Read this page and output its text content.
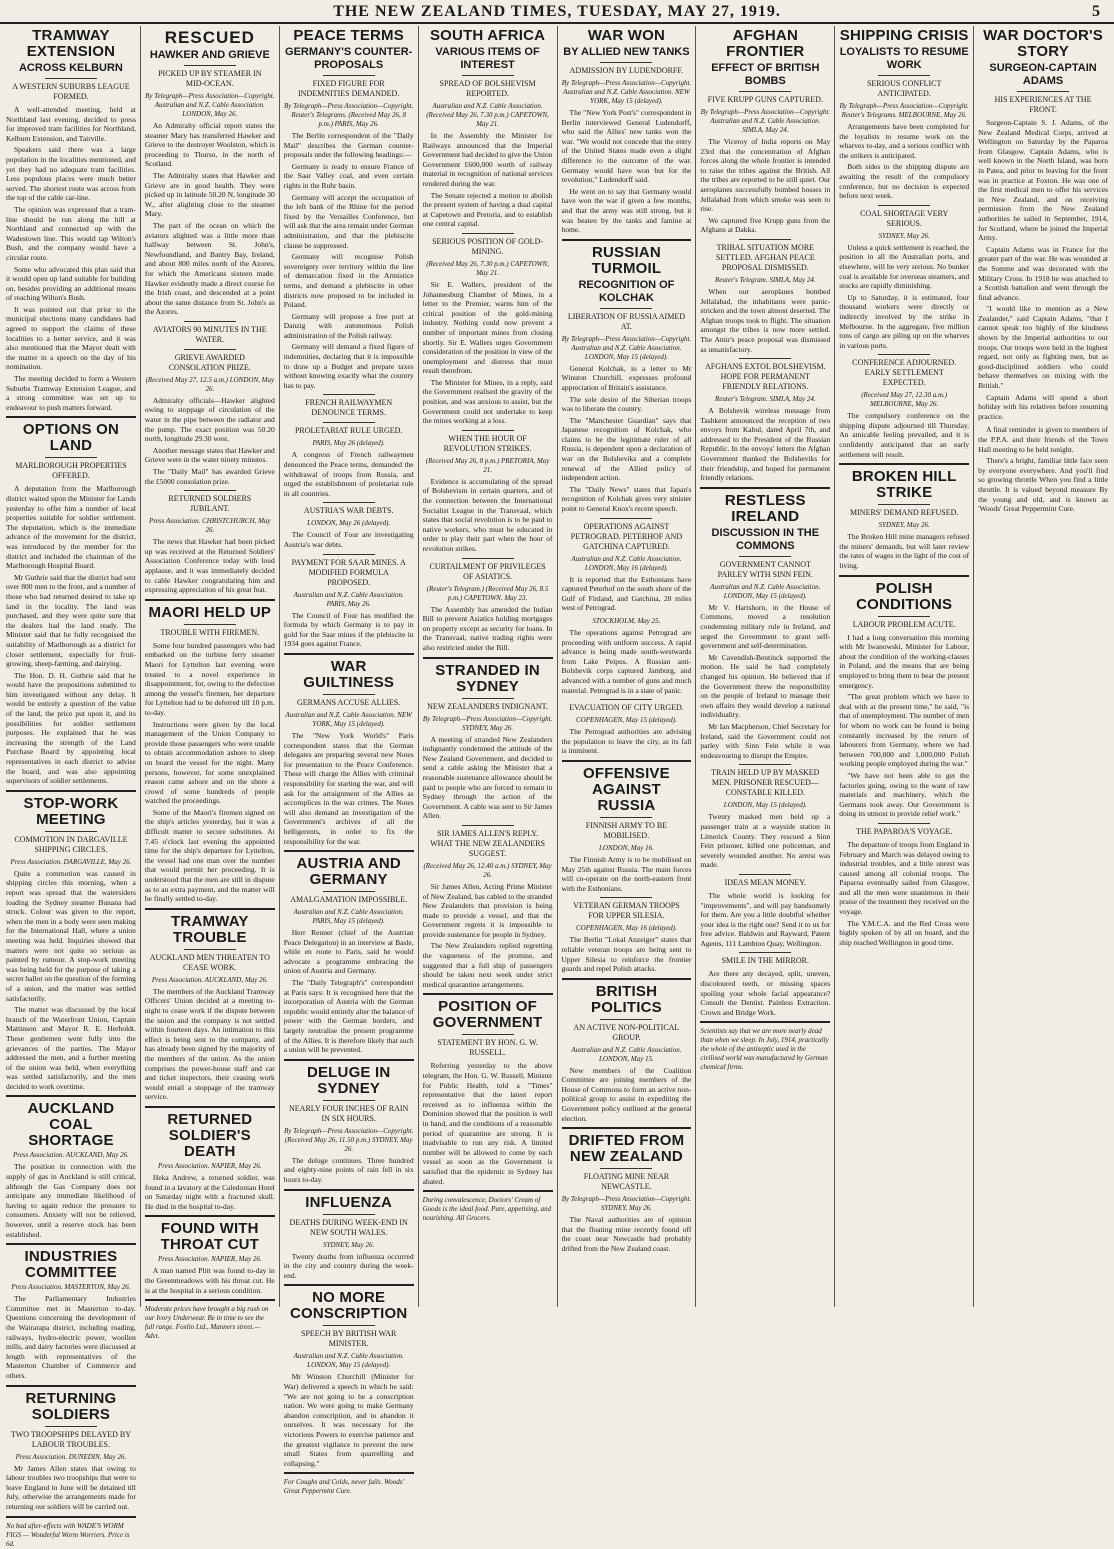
THE NEW ZEALAND TIMES, TUESDAY, MAY 27, 1919.	5
TRAMWAY EXTENSION
ACROSS KELBURN
A WESTERN SUBURBS LEAGUE FORMED.

A well-attended meeting, held at Northland last evening, decided to press for improved tram facilities for Northland, Kelburn Extension, and Tairville.

Speakers said there was a large population in the localities mentioned, and yet they had no adequate tram facilities. Less populous places were much better served. The shortest route was across from the top of the cable car-line.

The opinion was expressed that a tram-line should be run along the hill at Northland and connected up with the Wadestown line. This would tap Wilton's Bush, and the company would have a circular route.

Some who advocated this plan said that it would open up land suitable for building on, besides providing an additional means of reaching Wilton's Bush.

It was pointed out that prior to the municipal elections many candidates had agreed to support the claims of these localities to a better service, and it was also mentioned that the Mayor dealt with the matter in a speech on the day of his nomination.

The meeting decided to form a Western Suburbs Tramway Extension League, and a strong committee was set up to endeavour to push matters forward.

OPTIONS ON LAND
MARLBOROUGH PROPERTIES OFFERED.

A deputation from the Marlborough district waited upon the Minister for Lands yesterday to offer him a number of local properties suitable for soldier settlement. The deputation, which is the immediate advance of the movement for the district, was introduced by the member for the district and included the chairman of the Marlborough Hospital Board.

Mr Guthrie said that the district had sent over 800 men to the front, and a number of those who had returned desired to take up land in the locality. The land was purchased, and they were quite sure that the dealers had the land ready. The Minister said that he fully recognised the suitability of Marlborough as a district for closer settlement, especially for fruit-growing, sheep-farming, and dairying.

The Hon. D. H. Guthrie said that he would have the propositions submitted to him investigated without any delay. It would be entirely a question of the value of the land, the price put upon it, and its possibilities for soldier settlement purposes. He explained that he was increasing the strength of the Land Purchase Board by appointing local representatives in each district to advise the board, and was also appointing supervisors of soldier settlements.

STOP-WORK MEETING
COMMOTION IN DARGAVILLE SHIPPING CIRCLES.
Press Association. DARGAVILLE, May 26.

Quite a commotion was caused in shipping circles this morning, when a report was spread that the watersiders loading the Sydney steamer Bunana had struck. Colour was given to the report, when the men in a body were seen making for the International Hall, where a union meeting was held. Inquiries showed that matters were not quite so serious as painted by rumour. A stop-work meeting was being held for the purpose of taking a secret ballot on the question of the forming of a union, and the matter was settled satisfactorily.

The matter was discussed by the local branch of the Waterfront Union, Captain Mattinson and Mayor R. E. Herholdt. These gentlemen went fully into the grievances of the parties. The Mayor addressed the men, and a further meeting of the union was held, when everything was settled satisfactorily, and the men decided to work overtime.

AUCKLAND COAL SHORTAGE
Press Association. AUCKLAND, May 26.

The position in connection with the supply of gas in Auckland is still critical, although the Gas Company does not anticipate any immediate likelihood of having to again reduce the pressure to consumers. Anxiety will not be relieved, however, until a reserve stock has been established.

INDUSTRIES COMMITTEE
Press Association. MASTERTON, May 26.

The Parliamentary Industries Committee met in Masterton to-day. Questions concerning the development of the Wairarapa district, including roading, railways, hydro-electric power, woollen mills, and dairy factories were discussed at length with representatives of the Masterton Chamber of Commerce and others.

RETURNING SOLDIERS
TWO TROOPSHIPS DELAYED BY LABOUR TROUBLES.
Press Association. DUNEDIN, May 26.

Mr James Allen states that owing to labour troubles two troopships that were to leave England in June will be detained till July, otherwise the arrangements made for returning our soldiers will be carried out.

No bad after-effects with WADE'S WORM FIGS — Wonderful Worm Worriers. Price is 6d.
RESCUED
HAWKER AND GRIEVE
PICKED UP BY STEAMER IN MID-OCEAN.
By Telegraph—Press Association—Copyright. Australian and N.Z. Cable Association. LONDON, May 26.

An Admiralty official report states the steamer Mary has transferred Hawker and Grieve to the destroyer Woolston, which is proceeding to Thurso, in the north of Scotland.

The Admiralty states that Hawker and Grieve are in good health. They were picked up in latitude 50.20 N, longitude 30 W., after alighting close to the steamer Mary.

The part of the ocean on which the aviators alighted was a little more than halfway between St. John's, Newfoundland, and Bantry Bay, Ireland, and about 800 miles north of the Azores, for which the Americans sixteen made. Hawker evidently made a direct course for the Irish coast, and descended at a point about the same distance from St. John's as the Azores.

AVIATORS 90 MINUTES IN THE WATER.
GRIEVE AWARDED CONSOLATION PRIZE.
(Received May 27, 12.5 a.m.) LONDON, May 26.

Admiralty officials—Hawker alighted owing to stoppage of circulation of the water in the pipe between the radiator and the pump. The exact position was 50.20 north, longitude 29.30 west.

Another message states that Hawker and Grieve were in the water ninety minutes.

The "Daily Mail" has awarded Grieve the £5000 consolation prize.

RETURNED SOLDIERS JUBILANT.
Press Association. CHRISTCHURCH, May 26.

The news that Hawker had been picked up was received at the Returned Soldiers' Association Conference today with loud applause, and it was immediately decided to cable Hawker congratulating him and expressing appreciation of his great feat.

MAORI HELD UP
TROUBLE WITH FIREMEN.

Some four hundred passengers who had embarked on the turbine ferry steamer Maori for Lyttelton last evening were treated to a novel experience in disappointment, for, owing to the defection among the vessel's firemen, her departure for Lyttelton had to be deferred till 10 p.m. to-day.

Instructions were given by the local management of the Union Company to provide those passengers who were unable to obtain accommodation ashore to sleep on board the vessel for the night. Many persons, however, for some unexplained reason came ashore and on the shore a crowd of some hundreds of people watched the proceedings.

Some of the Maori's firemen signed on the ship's articles yesterday, but it was a difficult matter to secure substitutes. At 7.45 o'clock last evening the appointed time for the ship's departure for Lyttelton, the vessel had one man over the number that would permit her proceeding. It is understood that the men are still in dispute as to an extra payment, and the matter will be finally settled to-day.

TRAMWAY TROUBLE
AUCKLAND MEN THREATEN TO CEASE WORK.
Press Association. AUCKLAND, May 26.

The members of the Auckland Tramway Officers' Union decided at a meeting to-night to cease work if the dispute between the union and the company is not settled within fourteen days. An intimation to this effect is being sent to the company, and has already been signed by the majority of the members of the union. As the union comprises the power-house staff and car and ticket inspectors, their ceasing work would entail a stoppage of the tramway service.

RETURNED SOLDIER'S DEATH
Press Association. NAPIER, May 26.

Heka Andrew, a returned soldier, was found in a lavatory at the Caledonian Hotel on Saturday night with a fractured skull. He died in the hospital to-day.

FOUND WITH THROAT CUT
Press Association. NAPIER, May 26.

A man named Plitt was found to-day in the Greenmeadows with his throat cut. He is at the hospital in a serious condition.

Moderate prices have brought a big rush on our Ivory Underwear. Be in time to see the full range. Foxlin Ltd., Manners street.—Advt.
PEACE TERMS
GERMANY'S COUNTER-PROPOSALS
FIXED FIGURE FOR INDEMNITIES DEMANDED.
By Telegraph—Press Association—Copyright. Reuter's Telegrams. (Received May 26, 8 p.m.) PARIS, May 26.

The Berlin correspondent of the "Daily Mail" describes the German counter-proposals under the following headings:—

Germany is ready to ensure France of the Saar Valley coal, and even certain rights in the Ruhr basin.

Germany will accept the occupation of the left bank of the Rhine for the period fixed by the Versailles Conference, but will ask that the area remain under German administration, and that the plebiscite clause be suppressed.

Germany will recognise Polish sovereignty over territory within the line of demarcation fixed in the Armistice terms, and demand a plebiscite in other districts now proposed to be included in Poland.

Germany will propose a free port at Danzig with autonomous Polish administration of the Polish railway.

Germany will demand a fixed figure of indemnities, declaring that it is impossible to draw up a Budget and prepare taxes without knowing exactly what the country has to pay.

FRENCH RAILWAYMEN DENOUNCE TERMS.
PROLETARIAT RULE URGED.
PARIS, May 26 (delayed).

A congress of French railwaymen denounced the Peace terms, demanded the withdrawal of troops from Russia, and urged the establishment of proletariat rule in all countries.

AUSTRIA'S WAR DEBTS.
LONDON, May 26 (delayed).

The Council of Four are investigating Austria's war debts.

PAYMENT FOR SAAR MINES. A MODIFIED FORMULA PROPOSED.
Australian and N.Z. Cable Association. PARIS, May 26.

The Council of Four has modified the formula by which Germany is to pay in gold for the Saar mines if the plebiscite in 1934 goes against France.

WAR GUILTINESS
GERMANS ACCUSE ALLIES.
Australian and N.Z. Cable Association. NEW YORK, May 15 (delayed).

The "New York World's" Paris correspondent states that the German delegates are preparing several new Notes for presentation to the Peace Conference. These will charge the Allies with criminal responsibility for starting the war, and will ask for the arraignment of the Allies as accomplices in the war crimes. The Notes will also demand an investigation of the Government's archives of all the belligerents, in order to fix the responsibility for the war.

AUSTRIA AND GERMANY
AMALGAMATION IMPOSSIBLE.
Australian and N.Z. Cable Association. PARIS, May 15 (delayed).

Herr Renner (chief of the Austrian Peace Delegation) in an interview at Basle, while en route to Paris, said he would advocate a programme embracing the union of Austria and Germany.

The "Daily Telegraph's" correspondent at Paris says: It is recognised here that the incorporation of Austria with the German republic would entirely alter the balance of power with the German borders, and largely neutralise the present programme of the Allies. It is therefore likely that such a union will be prevented.

DELUGE IN SYDNEY
NEARLY FOUR INCHES OF RAIN IN SIX HOURS.
By Telegraph—Press Association—Copyright. (Received May 26, 11.50 p.m.) SYDNEY, May 26.

The deluge continues. Three hundred and eighty-nine points of rain fell in six hours to-day.

INFLUENZA
DEATHS DURING WEEK-END IN NEW SOUTH WALES.
SYDNEY, May 26.

Twenty deaths from influenza occurred in the city and country during the week-end.

NO MORE CONSCRIPTION
SPEECH BY BRITISH WAR MINISTER.
Australian and N.Z. Cable Association. LONDON, May 15 (delayed).

Mr Winston Churchill (Minister for War) delivered a speech in which he said: "We are not going to be a conscription nation. We were going to make Germany abandon conscription, and to abandon it ourselves. It was necessary for the victorious Powers to exercise patience and the greatest vigilance to prevent the new small States from quarrelling and collapsing."

For Coughs and Colds, never fails. Woods' Great Peppermint Cure.
SOUTH AFRICA
VARIOUS ITEMS OF INTEREST
SPREAD OF BOLSHEVISM REPORTED.
Australian and N.Z. Cable Association. (Received May 26, 7.30 p.m.) CAPETOWN, May 21.

In the Assembly the Minister for Railways announced that the Imperial Government had decided to give the Union Government £600,000 worth of railway material in recognition of national services rendered during the war.

The Senate rejected a motion to abolish the present system of having a dual capital at Capetown and Pretoria, and to establish one central capital.

SERIOUS POSITION OF GOLD-MINING.
(Received May 26, 7.30 p.m.) CAPETOWN, May 21.

Sir E. Wallers, president of the Johannesburg Chamber of Mines, in a letter to the Premier, warns him of the critical position of the gold-mining industry. Nothing could now prevent a number of important mines from closing shortly. Sir E. Wallers urges Government consideration of the position in view of the unemployment and distress that must result therefrom.

The Minister for Mines, in a reply, said the Government realised the gravity of the position, and was anxious to assist, but the Government could not undertake to keep the mines working at a loss.

WHEN THE HOUR OF REVOLUTION STRIKES.
(Received May 26, 8 p.m.) PRETORIA, May 21.

Evidence is accumulating of the spread of Bolshevism in certain quarters, and of the connection between the International Socialist League in the Transvaal, which states that social revolution is to be paid to native workers, who must be educated in order to play their part when the hour of revolution strikes.

CURTAILMENT OF PRIVILEGES OF ASIATICS.
(Reuter's Telegram.) (Received May 26, 8.5 p.m.) CAPETOWN, May 23.

The Assembly has amended the Indian Bill to prevent Asiatics holding mortgages on property except as security for loans. In the Transvaal, native trading rights were also restricted under the Bill.

STRANDED IN SYDNEY
NEW ZEALANDERS INDIGNANT.
By Telegraph—Press Association—Copyright. SYDNEY, May 26.

A meeting of stranded New Zealanders indignantly condemned the attitude of the New Zealand Government, and decided to send a cable asking the Minister that a reasonable sustenance allowance should be paid to people who are forced to remain in Sydney through the action of the Government. A cable was sent to Sir James Allen.

SIR JAMES ALLEN'S REPLY. WHAT THE NEW ZEALANDERS SUGGEST.
(Received May 26, 12.40 a.m.) SYDNEY, May 26.

Sir James Allen, Acting Prime Minister of New Zealand, has cabled to the stranded New Zealanders that provision is being made to provide a vessel, and that the Government regrets it is impossible to provide sustenance for people in Sydney.

The New Zealanders replied regretting the vagueness of the promise, and suggested that a full ship of passengers should be taken next week under strict medical quarantine arrangements.

POSITION OF GOVERNMENT
STATEMENT BY HON. G. W. RUSSELL.

Referring yesterday to the above telegram, the Hon. G. W. Russell, Minister for Public Health, told a "Times" representative that the latest report received as to influenza within the Dominion showed that the position is well in hand, and the conditions of a reasonable period of quarantine are strong. It is inadvisable to run any risk. A limited number will be allowed to come by each vessel as soon as the Government is satisfied that the epidemic in Sydney has abated.

During convalescence, Doctors' Cream of Goods is the ideal food. Pure, appetising, and nourishing. All Grocers.
WAR WON
BY ALLIED NEW TANKS
ADMISSION BY LUDENDORFF.
By Telegraph—Press Association—Copyright. Australian and N.Z. Cable Association. NEW YORK, May 15 (delayed).

The "New York Post's" correspondent in Berlin interviewed General Ludendorff, who said the Allies' new tanks won the war. "We would not concede that the entry of the United States made even a slight difference to the outcome of the war. Germany would have won but for the revolution," Ludendorff said.

He went on to say that Germany would have won the war if given a few months, and that the army was still strong, but it was beaten by the tanks and famine at home.

RUSSIAN TURMOIL
RECOGNITION OF KOLCHAK
LIBERATION OF RUSSIA AIMED AT.
By Telegraph—Press Association—Copyright. Australian and N.Z. Cable Association. LONDON, May 15 (delayed).

General Kolchak, in a letter to Mr Winston Churchill, expresses profound appreciation of Britain's assistance.

The sole desire of the Siberian troops was to liberate the country.

The "Manchester Guardian" says that Japanese recognition of Kolchak, who claims to be the legitimate ruler of all Russia, is dependent upon a declaration of war on the Bolsheviks and a complete renewal of the Allied policy of independent action.

The "Daily News" states that Japan's recognition of Kolchak gives very sinister point to General Knox's recent speech.

OPERATIONS AGAINST PETROGRAD. PETERHOF AND GATCHINA CAPTURED.
Australian and N.Z. Cable Association. LONDON, May 16 (delayed).

It is reported that the Esthonians have captured Peterhof on the south shore of the Gulf of Finland, and Gatchina, 28 miles west of Petrograd.

STOCKHOLM, May 25.

The operations against Petrograd are proceeding with uniform success. A rapid advance is being made south-westwards from Lake Peipus. A Russian anti-Bolshevik corps captured Jamburg, and advanced with a number of guns and much material. Petrograd is in a state of panic.

EVACUATION OF CITY URGED.
COPENHAGEN, May 15 (delayed).

The Petrograd authorities are advising the population to leave the city, as its fall is imminent.

OFFENSIVE AGAINST RUSSIA
FINNISH ARMY TO BE MOBILISED.
LONDON, May 16.

The Finnish Army is to be mobilised on May 25th against Russia. The main forces will co-operate on the north-eastern front with the Esthonians.

VETERAN GERMAN TROOPS FOR UPPER SILESIA.
COPENHAGEN, May 16 (delayed).

The Berlin "Lokal Anzeiger" states that reliable veteran troops are being sent to Upper Silesia to reinforce the frontier guards and repel Polish attacks.

BRITISH POLITICS
AN ACTIVE NON-POLITICAL GROUP.
Australian and N.Z. Cable Association. LONDON, May 15.

New members of the Coalition Committee are joining members of the House of Commons to form an active non-political group to assist in expediting the Government policy outlined at the general election.

DRIFTED FROM NEW ZEALAND
FLOATING MINE NEAR NEWCASTLE.
By Telegraph—Press Association—Copyright. SYDNEY, May 26.

The Naval authorities are of opinion that the floating mine recently found off the coast near Newcastle had probably drifted from the New Zealand coast.

AFGHAN FRONTIER
EFFECT OF BRITISH BOMBS
FIVE KRUPP GUNS CAPTURED.
By Telegraph—Press Association—Copyright. Australian and N.Z. Cable Association. SIMLA, May 24.

The Viceroy of India reports on May 23rd that the concentration of Afghan forces along the whole frontier is intended to raise the tribes against the British. All the tribes are reported to be still quiet. Our aeroplanes successfully bombed bosses in Jellalabad from which smoke was seen to rise.

We captured five Krupp guns from the Afghans at Dakka.

TRIBAL SITUATION MORE SETTLED. AFGHAN PEACE PROPOSAL DISMISSED.
Reuter's Telegram. SIMLA, May 24.

When our aeroplanes bombed Jellalabad, the inhabitants were panic-stricken and the town almost deserted. The Afghan troops took to flight. The situation amongst the tribes is now more settled. The Amir's peace proposal was dismissed as unsatisfactory.

AFGHANS EXTOL BOLSHEVISM. HOPE FOR PERMANENT FRIENDLY RELATIONS.
Reuter's Telegram. SIMLA, May 24.

A Bolshevik wireless message from Tashkent announced the reception of two envoys from Kabul, dated April 7th, and addressed to the President of the Russian Republic. In the envoys' letters the Afghan Government thanked the Bolsheviks for their friendship, and hoped for permanent friendly relations.

RESTLESS IRELAND
DISCUSSION IN THE COMMONS
GOVERNMENT CANNOT PARLEY WITH SINN FEIN.
Australian and N.Z. Cable Association. LONDON, May 15 (delayed).

Mr V. Hartshorn, in the House of Commons, moved a resolution condemning military rule in Ireland, and urged the Government to grant self-government and self-determination.

Mr Cavendish-Bentinck supported the motion. He said he had completely changed his opinion. He believed that if the Government threw the responsibility on the people of Ireland to manage their own affairs they would develop a national individuality.

Mr Ian Macpherson, Chief Secretary for Ireland, said the Government could not parley with Sinn Fein while it was endeavouring to disrupt the Empire.

TRAIN HELD UP BY MASKED MEN. PRISONER RESCUED—CONSTABLE KILLED.
LONDON, May 15 (delayed).

Twenty masked men held up a passenger train at a wayside station in Limerick County. They rescued a Sinn Fein prisoner, killed one policeman, and severely wounded another. No arrest was made.

IDEAS MEAN MONEY.

The whole world is looking for "improvements", and will pay handsomely for them. Are you a little doubtful whether your idea is the right one? Send it to us for free advice. Baldwin and Rayward, Patent Agents, 111 Lambton Quay, Wellington.

SMILE IN THE MIRROR.

Are there any decayed, split, uneven, discoloured teeth, or missing spaces spoiling your whole facial appearance? Consult the Dentist. Painless Extraction. Crown and Bridge Work.

Scientists say that we are more nearly dead than when we sleep. In July, 1914, practically the whole of the antiseptic used in the civilised world was manufactured by German chemical firms.
SHIPPING CRISIS
LOYALISTS TO RESUME WORK
SERIOUS CONFLICT ANTICIPATED.
By Telegraph—Press Association—Copyright. Reuter's Telegrams. MELBOURNE, May 26.

Arrangements have been completed for the loyalists to resume work on the wharves to-day, and a serious conflict with the strikers is anticipated.

Both sides to the shipping dispute are awaiting the result of the compulsory conference, but no decision is expected before next week.

COAL SHORTAGE VERY SERIOUS.
SYDNEY, May 26.

Unless a quick settlement is reached, the position in all the Australian ports, and elsewhere, will be very serious. No bunker coal is available for overseas steamers, and stocks are rapidly diminishing.

Up to Saturday, it is estimated, four thousand workers were directly or indirectly involved by the strike in Melbourne. In the aggregate, five million tons of cargo are piling up on the wharves in various ports.

CONFERENCE ADJOURNED. EARLY SETTLEMENT EXPECTED.
(Received May 27, 12.30 a.m.) MELBOURNE, May 26.

The compulsory conference on the shipping dispute adjourned till Thursday. An amicable feeling prevailed, and it is confidently anticipated that an early settlement will result.

BROKEN HILL STRIKE
MINERS' DEMAND REFUSED.
SYDNEY, May 26.

The Broken Hill mine managers refused the miners' demands, but will later review the rates of wages in the light of the cost of living.

POLISH CONDITIONS
LABOUR PROBLEM ACUTE.

I had a long conversation this morning with Mr Iwanowski, Minister for Labour, about the condition of the working-classes in Poland, and the means that are being employed to bring them to bear the present emergency.

"The great problem which we have to deal with at the present time," he said, "is that of unemployment. The number of men for whom no work can be found is being constantly increased by the return of labourers from Germany, where we had between 700,000 and 1,000,000 Polish working people employed during the war."

"We have not been able to get the factories going, owing to the want of raw materials and machinery, which the Germans took away. Our Government is doing its utmost to provide relief work."

THE PAPAROA'S VOYAGE.

The departure of troops from England in February and March was delayed owing to industrial troubles, and a little unrest was caused among all colonial troops. The Paparoa eventually sailed from Glasgow, and all the men were unanimous in their praise of the treatment they received on the voyage.

The Y.M.C.A. and the Red Cross were highly spoken of by all on board, and the ship reached Wellington in good time.

WAR DOCTOR'S STORY
SURGEON-CAPTAIN ADAMS
HIS EXPERIENCES AT THE FRONT.

Surgeon-Captain S. J. Adams, of the New Zealand Medical Corps, arrived at Wellington on Saturday by the Paparoa from Glasgow. Captain Adams, who is well known in the North Island, was born in Patea, and prior to leaving for the front was in practice at Foxton. He was one of the first medical men to offer his services in New Zealand, and on receiving permission from the New Zealand authorities he sailed in September, 1914, for Scotland, where he joined the Imperial Army.

Captain Adams was in France for the greater part of the war. He was wounded at the Somme and was decorated with the Military Cross. In 1918 he was attached to a Scottish battalion and went through the final advance.

"I would like to mention as a New Zealander," said Captain Adams, "that I cannot speak too highly of the kindness shown by the Imperial authorities to our troops. Our troops were held in the highest regard, not only as fighting men, but as good-disciplined soldiers who could behave themselves on mixing with the British."

Captain Adams will spend a short holiday with his relatives before resuming practice.

A final reminder is given to members of the P.P.A. and their friends of the Town Hall meeting to be held tonight.

There's a bright, familiar little face seen by everyone everywhere. And you'll find so growing throttle When you find a little throttle. It is valued beyond measure By the young and old, and is known as 'Woods' Great Peppermint Cure.
